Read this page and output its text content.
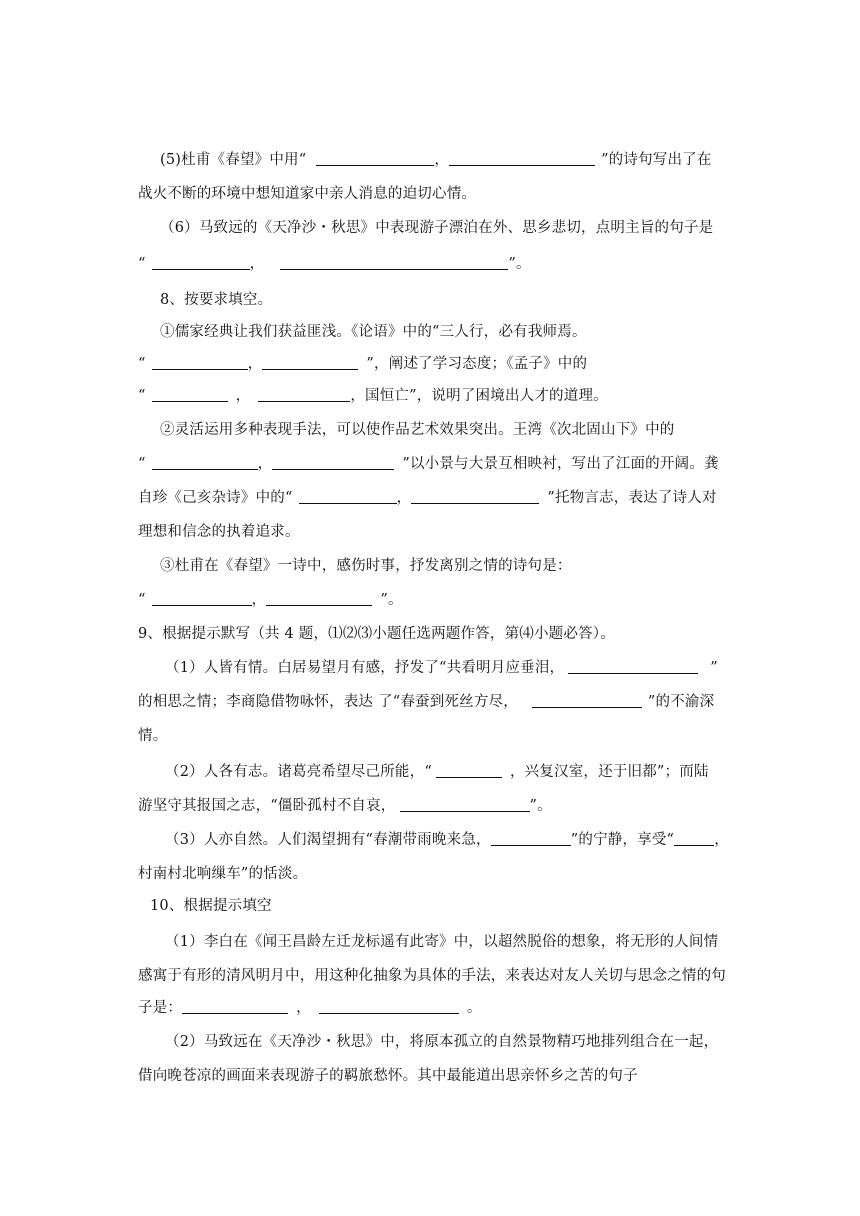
(5)杜甫《春望》中用“	，	”的诗句写出了在
战火不断的环境中想知道家中亲人消息的迫切心情。
（6）马致远的《天净沙・秋思》中表现游子漂泊在外、思乡悲切，点明主旨的句子是
“	，	”。
8、按要求填空。
①儒家经典让我们获益匪浅。《论语》中的“三人行，必有我师焉。
“	，	”，阐述了学习态度；《孟子》中的
“	，	，国恒亡”，说明了困境出人才的道理。
②灵活运用多种表现手法，可以使作品艺术效果突出。王湾《次北固山下》中的
“	，	”以小景与大景互相映衬，写出了江面的开阔。龚
自珍《己亥杂诗》中的“	，	”托物言志，表达了诗人对
理想和信念的执着追求。
③杜甫在《春望》一诗中，感伤时事，抒发离别之情的诗句是：
“	，	”。
9、根据提示默写（共 4 题，⑴⑵⑶小题任选两题作答，第⑷小题必答）。
（1）人皆有情。白居易望月有感，抒发了“共看明月应垂泪，	”
的相思之情；李商隐借物咏怀，表达 了“春蚕到死丝方尽，	”的不渝深
情。
（2）人各有志。诸葛亮希望尽己所能，“	，兴复汉室，还于旧都”；而陆
游坚守其报国之志，“僵卧孤村不自哀，	”。
（3）人亦自然。人们渴望拥有“春潮带雨晚来急，	”的宁静，享受“	，
村南村北响缫车”的恬淡。
10、根据提示填空
（1）李白在《闻王昌龄左迁龙标遥有此寄》中，以超然脱俗的想象，将无形的人间情
感寓于有形的清风明月中，用这种化抽象为具体的手法，来表达对友人关切与思念之情的句
子是：	，	。
（2）马致远在《天净沙・秋思》中，将原本孤立的自然景物精巧地排列组合在一起，
借向晚苍凉的画面来表现游子的羁旅愁怀。其中最能道出思亲怀乡之苦的句子
